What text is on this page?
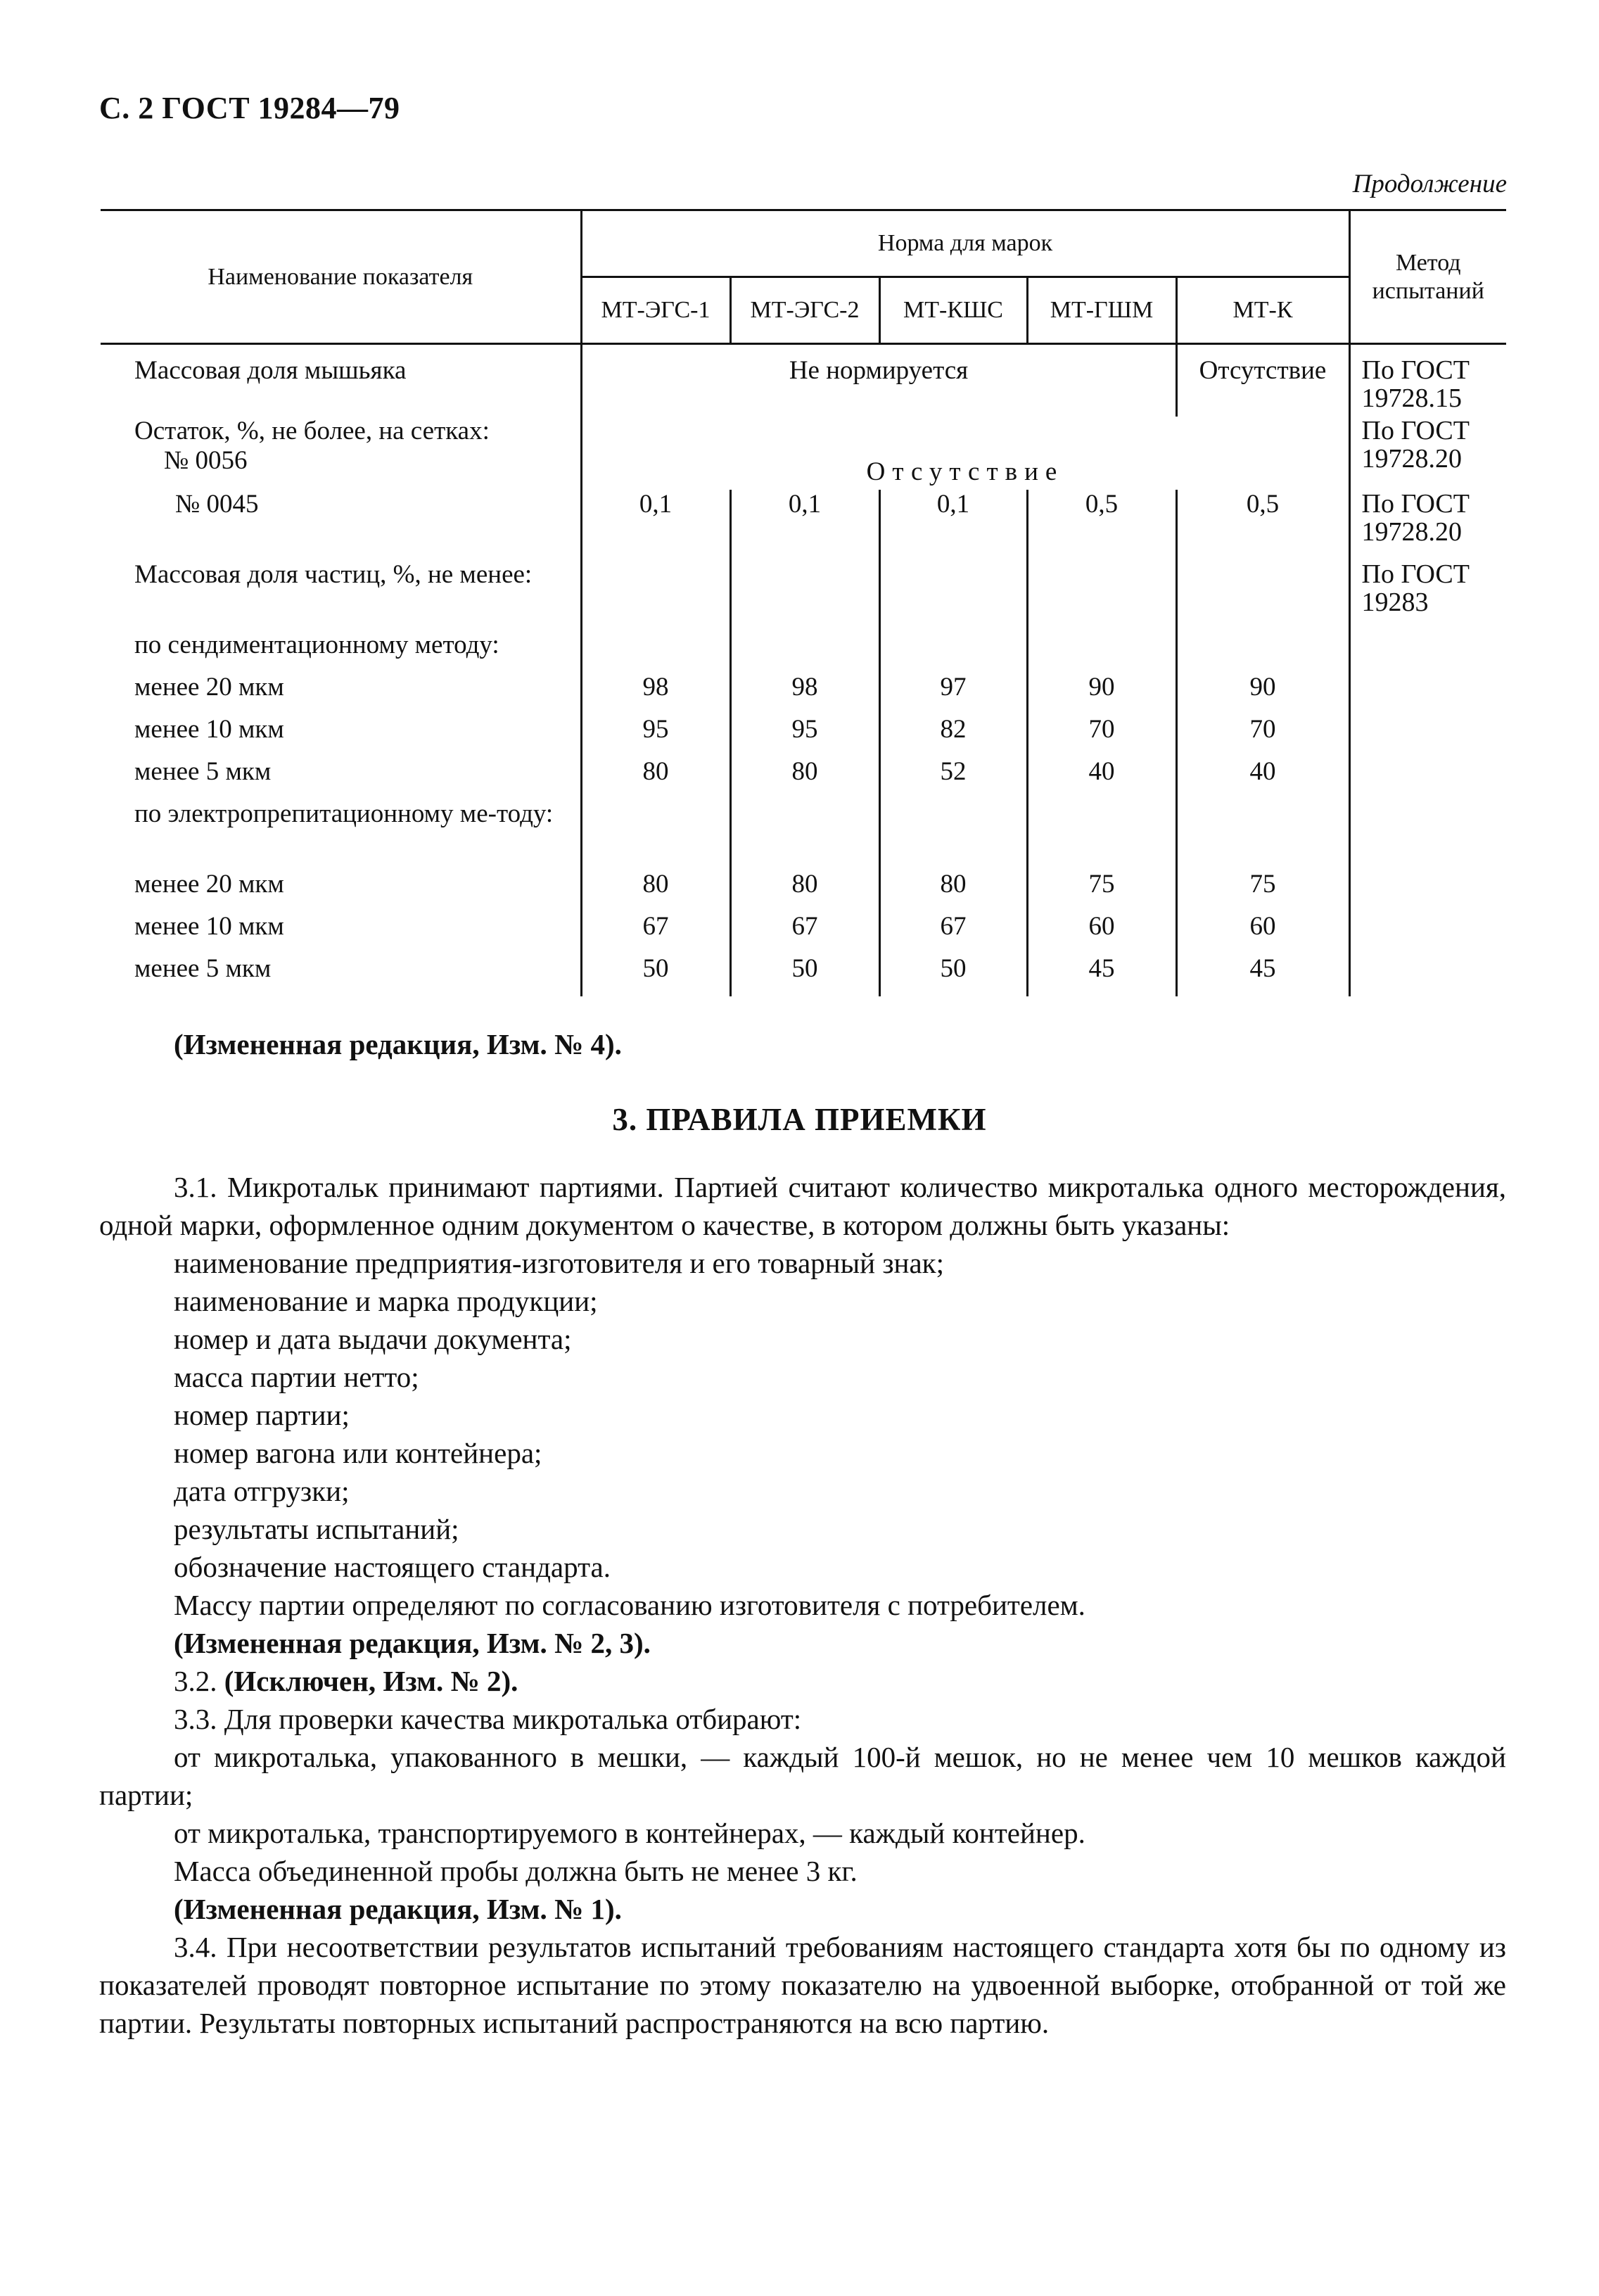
С. 2 ГОСТ 19284—79
Продолжение
Наименование показателя	Норма для марок					Метод испытаний
	МТ-ЭГС-1	МТ-ЭГС-2	МТ-КШС	МТ-ГШМ	МТ-К	
Массовая доля мышьяка	Не нормируется				Отсутствие	По ГОСТ 19728.15
Остаток, %, не более, на сетках:
№ 0056	Отсутствие					По ГОСТ 19728.20
№ 0045	0,1	0,1	0,1	0,5	0,5	По ГОСТ 19728.20
Массовая доля частиц, %, не менее:						По ГОСТ 19283
по сендиментационному методу:						
менее 20 мкм	98	98	97	90	90	
менее 10 мкм	95	95	82	70	70	
менее 5 мкм	80	80	52	40	40	
по электропрепитационному ме-тоду:						
менее 20 мкм	80	80	80	75	75	
менее 10 мкм	67	67	67	60	60	
менее 5 мкм	50	50	50	45	45	
(Измененная редакция, Изм. № 4).
3. ПРАВИЛА ПРИЕМКИ

3.1. Микротальк принимают партиями. Партией считают количество микроталька одного месторождения, одной марки, оформленное одним документом о качестве, в котором должны быть указаны:

наименование предприятия-изготовителя и его товарный знак;

наименование и марка продукции;

номер и дата выдачи документа;

масса партии нетто;

номер партии;

номер вагона или контейнера;

дата отгрузки;

результаты испытаний;

обозначение настоящего стандарта.

Массу партии определяют по согласованию изготовителя с потребителем.

(Измененная редакция, Изм. № 2, 3).

3.2. (Исключен, Изм. № 2).

3.3. Для проверки качества микроталька отбирают:

от микроталька, упакованного в мешки, — каждый 100-й мешок, но не менее чем 10 мешков каждой партии;

от микроталька, транспортируемого в контейнерах, — каждый контейнер.

Масса объединенной пробы должна быть не менее 3 кг.

(Измененная редакция, Изм. № 1).

3.4. При несоответствии результатов испытаний требованиям настоящего стандарта хотя бы по одному из показателей проводят повторное испытание по этому показателю на удвоенной выборке, отобранной от той же партии. Результаты повторных испытаний распространяются на всю партию.
